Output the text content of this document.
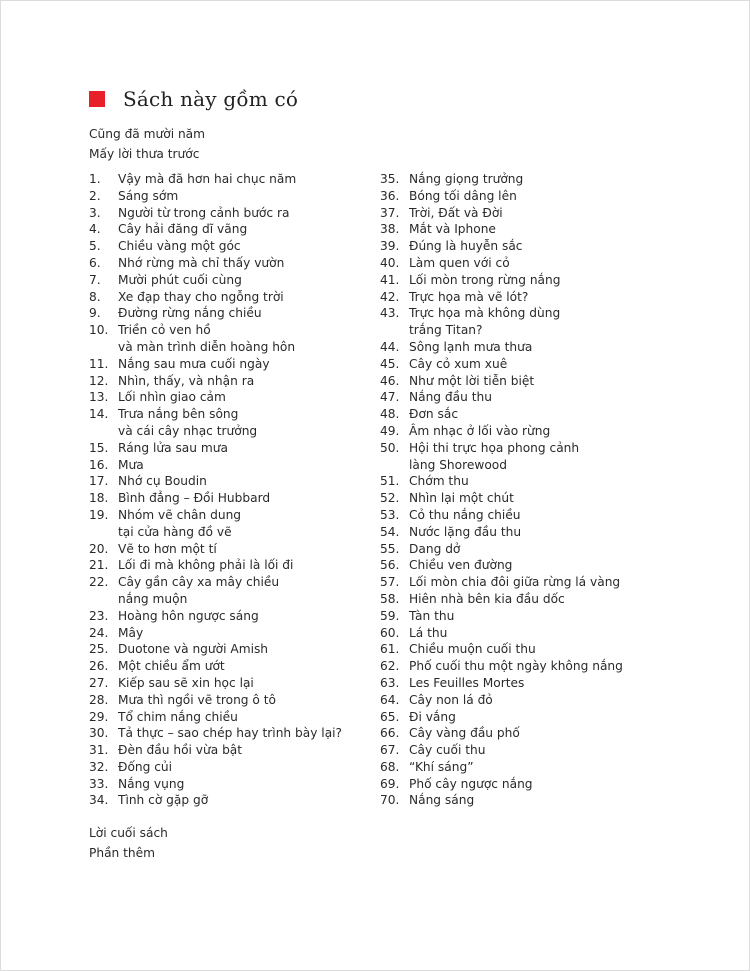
Sách này gồm có
Cũng đã mười năm
Mấy lời thưa trước
1.	Vậy mà đã hơn hai chục năm
2.	Sáng sớm
3.	Người từ trong cảnh bước ra
4.	Cây hải đăng dĩ vãng
5.	Chiều vàng một góc
6.	Nhớ rừng mà chỉ thấy vườn
7.	Mười phút cuối cùng
8.	Xe đạp thay cho ngỗng trời
9.	Đường rừng nắng chiều
10. Triền cỏ ven hồ
và màn trình diễn hoàng hôn
11. Nắng sau mưa cuối ngày
12. Nhìn, thấy, và nhận ra
13. Lối nhìn giao cảm
14. Trưa nắng bên sông
và cái cây nhạc trưởng
15. Ráng lửa sau mưa
16. Mưa
17. Nhớ cụ Boudin
18. Bình đẳng – Đồi Hubbard
19. Nhóm vẽ chân dung
tại cửa hàng đồ vẽ
20. Vẽ to hơn một tí
21. Lối đi mà không phải là lối đi
22. Cây gần cây xa mây chiều
nắng muộn
23. Hoàng hôn ngược sáng
24. Mây
25. Duotone và người Amish
26. Một chiều ẩm ướt
27. Kiếp sau sẽ xin học lại
28. Mưa thì ngồi vẽ trong ô tô
29. Tổ chim nắng chiều
30. Tả thực – sao chép hay trình bày lại?
31. Đèn đầu hồi vừa bật
32. Đống củi
33. Nắng vụng
34. Tình cờ gặp gỡ
35. Nắng giọng trưởng
36. Bóng tối dâng lên
37. Trời, Đất và Đời
38. Mắt và Iphone
39. Đúng là huyễn sắc
40. Làm quen với cỏ
41. Lối mòn trong rừng nắng
42. Trực họa mà vẽ lót?
43. Trực họa mà không dùng
trắng Titan?
44. Sông lạnh mưa thưa
45. Cây cỏ xum xuê
46. Như một lời tiễn biệt
47. Nắng đầu thu
48. Đơn sắc
49. Âm nhạc ở lối vào rừng
50. Hội thi trực họa phong cảnh
làng Shorewood
51. Chớm thu
52. Nhìn lại một chút
53. Cỏ thu nắng chiều
54. Nước lặng đầu thu
55. Dang dở
56. Chiều ven đường
57. Lối mòn chia đôi giữa rừng lá vàng
58. Hiên nhà bên kia đầu dốc
59. Tàn thu
60. Lá thu
61. Chiều muộn cuối thu
62. Phố cuối thu một ngày không nắng
63. Les Feuilles Mortes
64. Cây non lá đỏ
65. Đi vắng
66. Cây vàng đầu phố
67. Cây cuối thu
68. “Khí sáng”
69. Phố cây ngược nắng
70. Nắng sáng
Lời cuối sách
Phần thêm
